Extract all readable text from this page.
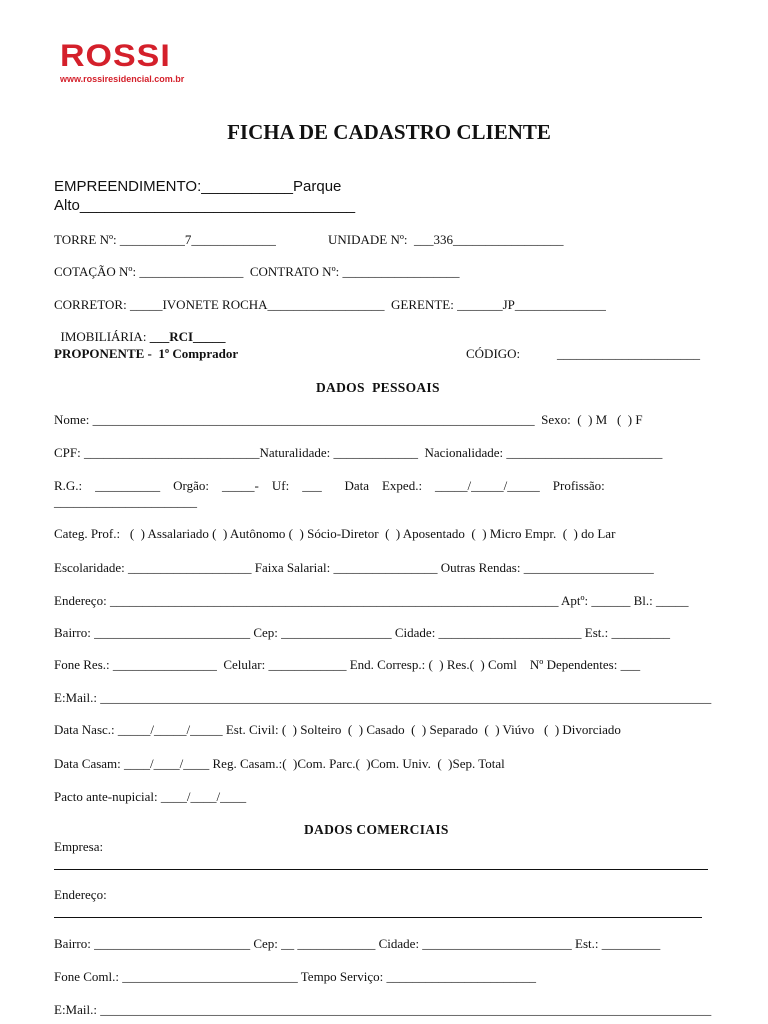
ROSSI
www.rossiresidencial.com.br
FICHA DE CADASTRO CLIENTE
EMPREENDIMENTO:___________Parque
Alto_________________________________
TORRE Nº: __________7_____________	UNIDADE Nº:  ___336_________________
COTAÇÃO Nº: ________________  CONTRATO Nº: __________________
CORRETOR: _____IVONETE ROCHA__________________  GERENTE: _______JP______________

IMOBILIÁRIA: ___RCI_____

PROPONENTE -  1º Comprador	CÓDIGO:	______________________
DADOS  PESSOAIS
Nome: ____________________________________________________________________  Sexo:  (  ) M   (  ) F
CPF: ___________________________Naturalidade: _____________  Nacionalidade: ________________________
R.G.:    __________    Orgão:    _____-    Uf:    ___       Data    Exped.:    _____/_____/_____    Profissão:
______________________
Categ. Prof.:   (  ) Assalariado (  ) Autônomo (  ) Sócio-Diretor  (  ) Aposentado  (  ) Micro Empr.  (  ) do Lar
Escolaridade: ___________________ Faixa Salarial: ________________ Outras Rendas: ____________________
Endereço: _____________________________________________________________________ Aptº: ______ Bl.: _____
Bairro: ________________________ Cep: _________________ Cidade: ______________________ Est.: _________
Fone Res.: ________________  Celular: ____________ End. Corresp.: (  ) Res.(  ) Coml    Nº Dependentes: ___
E:Mail.: ______________________________________________________________________________________________
Data Nasc.: _____/_____/_____ Est. Civil: (  ) Solteiro  (  ) Casado  (  ) Separado  (  ) Viúvo   (  ) Divorciado
Data Casam: ____/____/____ Reg. Casam.:(  )Com. Parc.(  )Com. Univ.  (  )Sep. Total
Pacto ante-nupicial: ____/____/____
DADOS COMERCIAIS
Empresa:
Endereço:
Bairro: ________________________ Cep: __ ____________ Cidade: _______________________ Est.: _________
Fone Coml.: ___________________________ Tempo Serviço: _______________________
E:Mail.: ______________________________________________________________________________________________
